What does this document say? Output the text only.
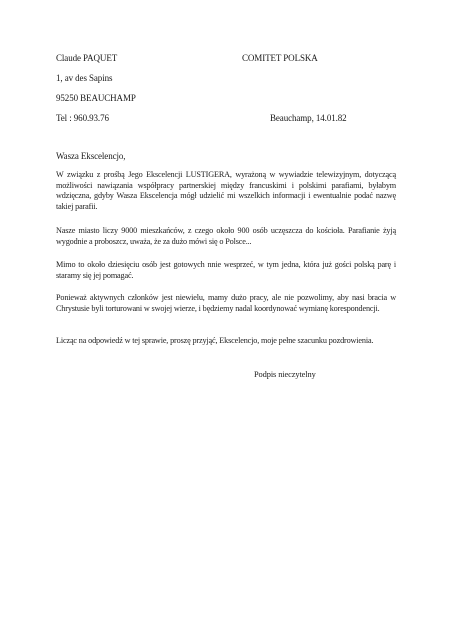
Claude PAQUET	COMITET POLSKA
1, av des Sapins
95250 BEAUCHAMP
Tel : 960.93.76	Beauchamp, 14.01.82
Wasza Ekscelencjo,
W związku z prośbą Jego Ekscelencji LUSTIGERA, wyrażoną w wywiadzie telewizyjnym, dotyczącą możliwości nawiązania współpracy partnerskiej między francuskimi i polskimi parafiami, byłabym wdzięczna, gdyby Wasza Ekscelencja mógł udzielić mi wszelkich informacji i ewentualnie podać nazwę takiej parafii.
Nasze miasto liczy 9000 mieszkańców, z czego około 900 osób uczęszcza do kościoła. Parafianie żyją wygodnie a proboszcz, uważa, że za dużo mówi się o Polsce...
Mimo to około dziesięciu osób jest gotowych nnie wesprzeć, w tym jedna, która już gości polską parę i staramy się jej pomagać.
Ponieważ aktywnych członków jest niewielu, mamy dużo pracy, ale nie pozwolimy, aby nasi bracia w Chrystusie byli torturowani w swojej wierze, i będziemy nadal koordynować wymianę korespondencji.
Licząc na odpowiedź w tej sprawie, proszę przyjąć, Ekscelencjo, moje pełne szacunku pozdrowienia.
Podpis nieczytelny
